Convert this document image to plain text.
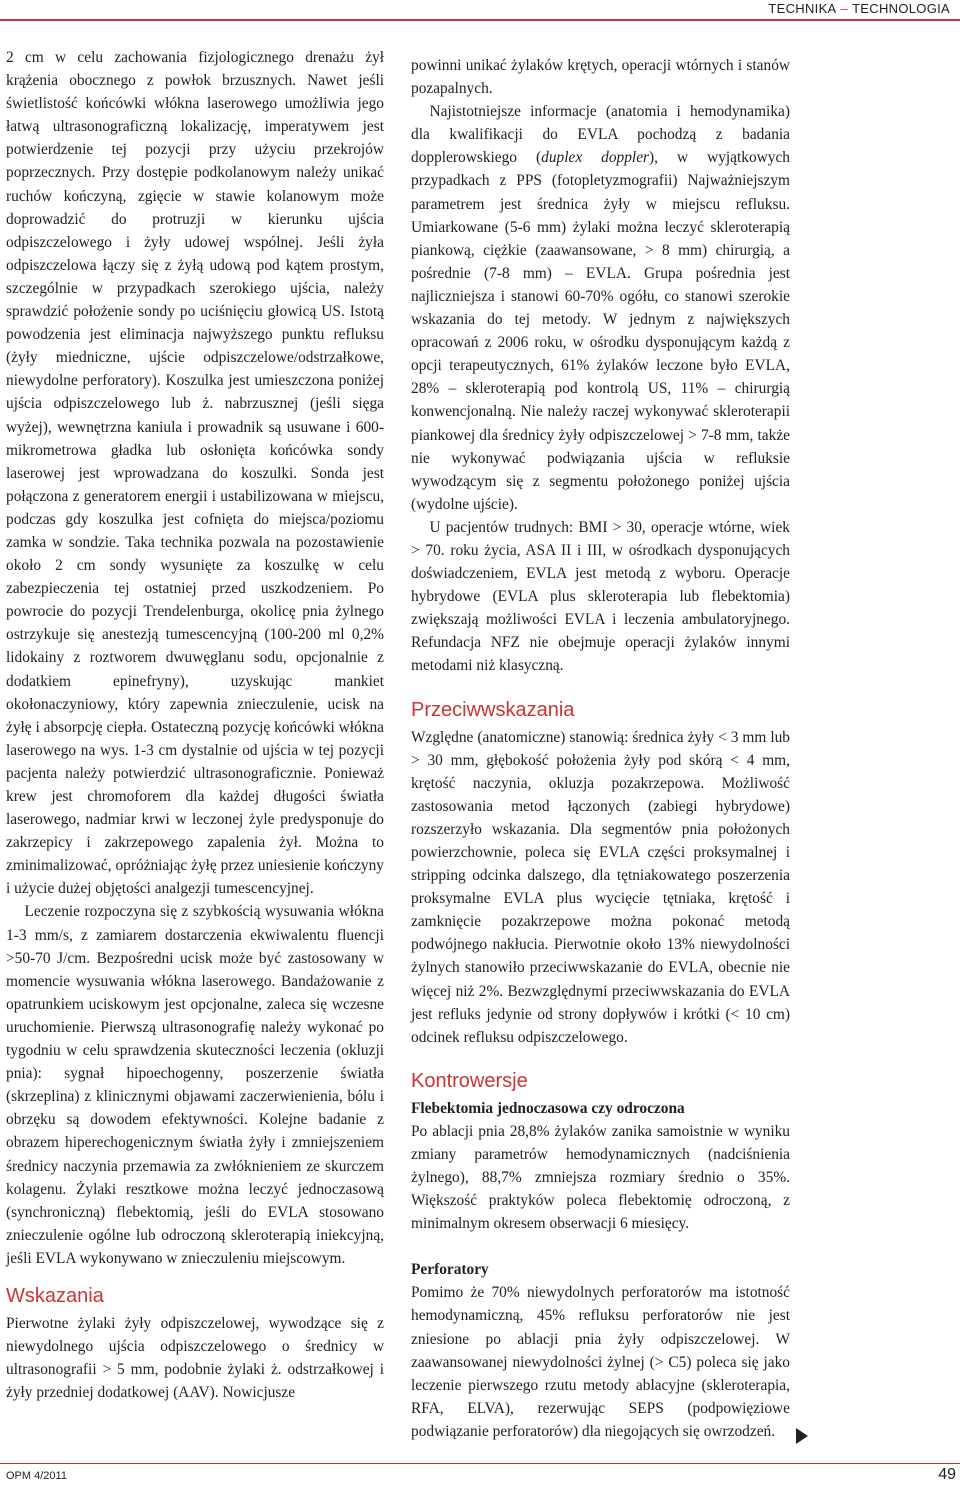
TECHNIKA – TECHNOLOGIA

2 cm w celu zachowania fizjologicznego drenażu żył krążenia obocznego z powłok brzusznych. Nawet jeśli świetlistość końcówki włókna laserowego umożliwia jego łatwą ultrasonograficzną lokalizację, imperatywem jest potwierdzenie tej pozycji przy użyciu przekrojów poprzecznych. Przy dostępie podkolanowym należy unikać ruchów kończyną, zgięcie w stawie kolanowym może doprowadzić do protruzji w kierunku ujścia odpiszczelowego i żyły udowej wspólnej. Jeśli żyła odpiszczelowa łączy się z żyłą udową pod kątem prostym, szczególnie w przypadkach szerokiego ujścia, należy sprawdzić położenie sondy po uciśnięciu głowicą US. Istotą powodzenia jest eliminacja najwyższego punktu refluksu (żyły miedniczne, ujście odpiszczelowe/odstrzałkowe, niewydolne perforatory). Koszulka jest umieszczona poniżej ujścia odpiszczelowego lub ż. nabrzusznej (jeśli sięga wyżej), wewnętrzna kaniula i prowadnik są usuwane i 600-mikrometrowa gładka lub osłonięta końcówka sondy laserowej jest wprowadzana do koszulki. Sonda jest połączona z generatorem energii i ustabilizowana w miejscu, podczas gdy koszulka jest cofnięta do miejsca/poziomu zamka w sondzie. Taka technika pozwala na pozostawienie około 2 cm sondy wysunięte za koszulkę w celu zabezpieczenia tej ostatniej przed uszkodzeniem. Po powrocie do pozycji Trendelenburga, okolicę pnia żylnego ostrzykuje się anestezją tumescencyjną (100-200 ml 0,2% lidokainy z roztworem dwuwęglanu sodu, opcjonalnie z dodatkiem epinefryny), uzyskując mankiet okołonaczyniowy, który zapewnia znieczulenie, ucisk na żyłę i absorpcję ciepła. Ostateczną pozycję końcówki włókna laserowego na wys. 1-3 cm dystalnie od ujścia w tej pozycji pacjenta należy potwierdzić ultrasonograficznie. Ponieważ krew jest chromoforem dla każdej długości światła laserowego, nadmiar krwi w leczonej żyle predysponuje do zakrzepicy i zakrzepowego zapalenia żył. Można to zminimalizować, opróżniając żyłę przez uniesienie kończyny i użycie dużej objętości analgezji tumescencyjnej.

Leczenie rozpoczyna się z szybkością wysuwania włókna 1-3 mm/s, z zamiarem dostarczenia ekwiwalentu fluencji >50-70 J/cm. Bezpośredni ucisk może być zastosowany w momencie wysuwania włókna laserowego. Bandażowanie z opatrunkiem uciskowym jest opcjonalne, zaleca się wczesne uruchomienie. Pierwszą ultrasonografię należy wykonać po tygodniu w celu sprawdzenia skuteczności leczenia (okluzji pnia): sygnał hipoechogenny, poszerzenie światła (skrzeplina) z klinicznymi objawami zaczerwienienia, bólu i obrzęku są dowodem efektywności. Kolejne badanie z obrazem hiperechogenicznym światła żyły i zmniejszeniem średnicy naczynia przemawia za zwłóknieniem ze skurczem kolagenu. Żylaki resztkowe można leczyć jednoczasową (synchroniczną) flebektomią, jeśli do EVLA stosowano znieczulenie ogólne lub odroczoną skleroterapią iniekcyjną, jeśli EVLA wykonywano w znieczuleniu miejscowym.

Wskazania

Pierwotne żylaki żyły odpiszczelowej, wywodzące się z niewydolnego ujścia odpiszczelowego o średnicy w ultrasonografii > 5 mm, podobnie żylaki ż. odstrzałkowej i żyły przedniej dodatkowej (AAV). Nowicjusze

powinni unikać żylaków krętych, operacji wtórnych i stanów pozapalnych.

Najistotniejsze informacje (anatomia i hemodynamika) dla kwalifikacji do EVLA pochodzą z badania dopplerowskiego (duplex doppler), w wyjątkowych przypadkach z PPS (fotopletyzmografii) Najważniejszym parametrem jest średnica żyły w miejscu refluksu. Umiarkowane (5-6 mm) żylaki można leczyć skleroterapią piankową, ciężkie (zaawansowane, > 8 mm) chirurgią, a pośrednie (7-8 mm) – EVLA. Grupa pośrednia jest najliczniejsza i stanowi 60-70% ogółu, co stanowi szerokie wskazania do tej metody. W jednym z największych opracowań z 2006 roku, w ośrodku dysponującym każdą z opcji terapeutycznych, 61% żylaków leczone było EVLA, 28% – skleroterapią pod kontrolą US, 11% – chirurgią konwencjonalną. Nie należy raczej wykonywać skleroterapii piankowej dla średnicy żyły odpiszczelowej > 7-8 mm, także nie wykonywać podwiązania ujścia w refluksie wywodzącym się z segmentu położonego poniżej ujścia (wydolne ujście).

U pacjentów trudnych: BMI > 30, operacje wtórne, wiek > 70. roku życia, ASA II i III, w ośrodkach dysponujących doświadczeniem, EVLA jest metodą z wyboru. Operacje hybrydowe (EVLA plus skleroterapia lub flebektomia) zwiększają możliwości EVLA i leczenia ambulatoryjnego. Refundacja NFZ nie obejmuje operacji żylaków innymi metodami niż klasyczną.

Przeciwwskazania

Względne (anatomiczne) stanowią: średnica żyły < 3 mm lub > 30 mm, głębokość położenia żyły pod skórą < 4 mm, krętość naczynia, okluzja pozakrzepowa. Możliwość zastosowania metod łączonych (zabiegi hybrydowe) rozszerzyło wskazania. Dla segmentów pnia położonych powierzchownie, poleca się EVLA części proksymalnej i stripping odcinka dalszego, dla tętniakowatego poszerzenia proksymalne EVLA plus wycięcie tętniaka, krętość i zamknięcie pozakrzepowe można pokonać metodą podwójnego nakłucia. Pierwotnie około 13% niewydolności żylnych stanowiło przeciwwskazanie do EVLA, obecnie nie więcej niż 2%. Bezwzględnymi przeciwwskazania do EVLA jest refluks jedynie od strony dopływów i krótki (< 10 cm) odcinek refluksu odpiszczelowego.

Kontrowersje
Flebektomia jednoczasowa czy odroczona

Po ablacji pnia 28,8% żylaków zanika samoistnie w wyniku zmiany parametrów hemodynamicznych (nadciśnienia żylnego), 88,7% zmniejsza rozmiary średnio o 35%. Większość praktyków poleca flebektomię odroczoną, z minimalnym okresem obserwacji 6 miesięcy.

Perforatory

Pomimo że 70% niewydolnych perforatorów ma istotność hemodynamiczną, 45% refluksu perforatorów nie jest zniesione po ablacji pnia żyły odpiszczelowej. W zaawansowanej niewydolności żylnej (> C5) poleca się jako leczenie pierwszego rzutu metody ablacyjne (skleroterapia, RFA, ELVA), rezerwując SEPS (podpowięziowe podwiązanie perforatorów) dla niegojących się owrzodzeń.

OPM 4/2011	49
